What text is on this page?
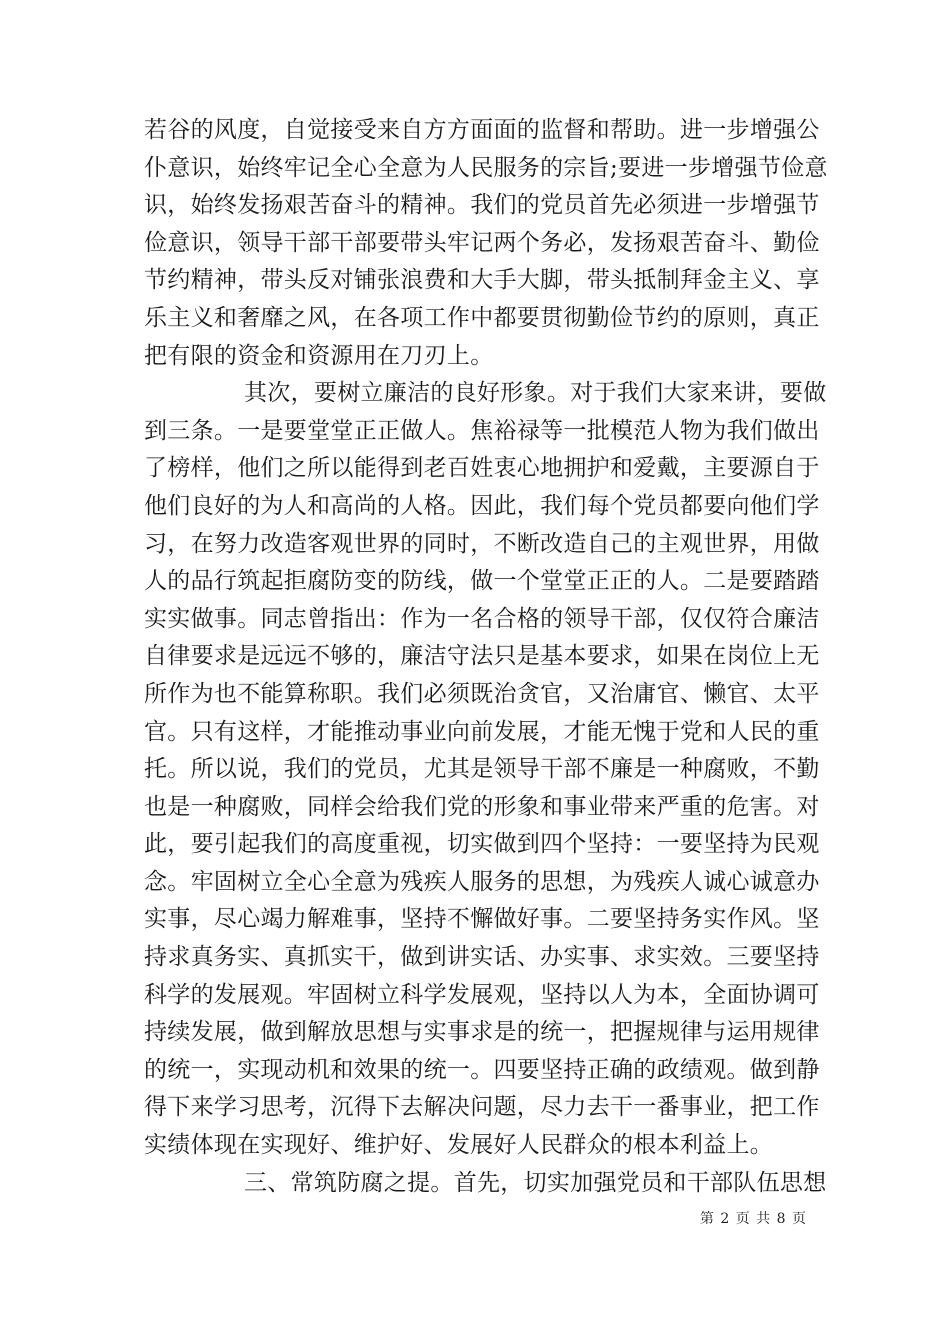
若谷的风度，自觉接受来自方方面面的监督和帮助。进一步增强公
仆意识，始终牢记全心全意为人民服务的宗旨;要进一步增强节俭意
识，始终发扬艰苦奋斗的精神。我们的党员首先必须进一步增强节
俭意识，领导干部干部要带头牢记两个务必，发扬艰苦奋斗、勤俭
节约精神，带头反对铺张浪费和大手大脚，带头抵制拜金主义、享
乐主义和奢靡之风，在各项工作中都要贯彻勤俭节约的原则，真正
把有限的资金和资源用在刀刃上。
其次，要树立廉洁的良好形象。对于我们大家来讲，要做
到三条。一是要堂堂正正做人。焦裕禄等一批模范人物为我们做出
了榜样，他们之所以能得到老百姓衷心地拥护和爱戴，主要源自于
他们良好的为人和高尚的人格。因此，我们每个党员都要向他们学
习，在努力改造客观世界的同时，不断改造自己的主观世界，用做
人的品行筑起拒腐防变的防线，做一个堂堂正正的人。二是要踏踏
实实做事。同志曾指出：作为一名合格的领导干部，仅仅符合廉洁
自律要求是远远不够的，廉洁守法只是基本要求，如果在岗位上无
所作为也不能算称职。我们必须既治贪官，又治庸官、懒官、太平
官。只有这样，才能推动事业向前发展，才能无愧于党和人民的重
托。所以说，我们的党员，尤其是领导干部不廉是一种腐败，不勤
也是一种腐败，同样会给我们党的形象和事业带来严重的危害。对
此，要引起我们的高度重视，切实做到四个坚持：一要坚持为民观
念。牢固树立全心全意为残疾人服务的思想，为残疾人诚心诚意办
实事，尽心竭力解难事，坚持不懈做好事。二要坚持务实作风。坚
持求真务实、真抓实干，做到讲实话、办实事、求实效。三要坚持
科学的发展观。牢固树立科学发展观，坚持以人为本，全面协调可
持续发展，做到解放思想与实事求是的统一，把握规律与运用规律
的统一，实现动机和效果的统一。四要坚持正确的政绩观。做到静
得下来学习思考，沉得下去解决问题，尽力去干一番事业，把工作
实绩体现在实现好、维护好、发展好人民群众的根本利益上。
三、常筑防腐之提。首先，切实加强党员和干部队伍思想
第 2 页 共 8 页
